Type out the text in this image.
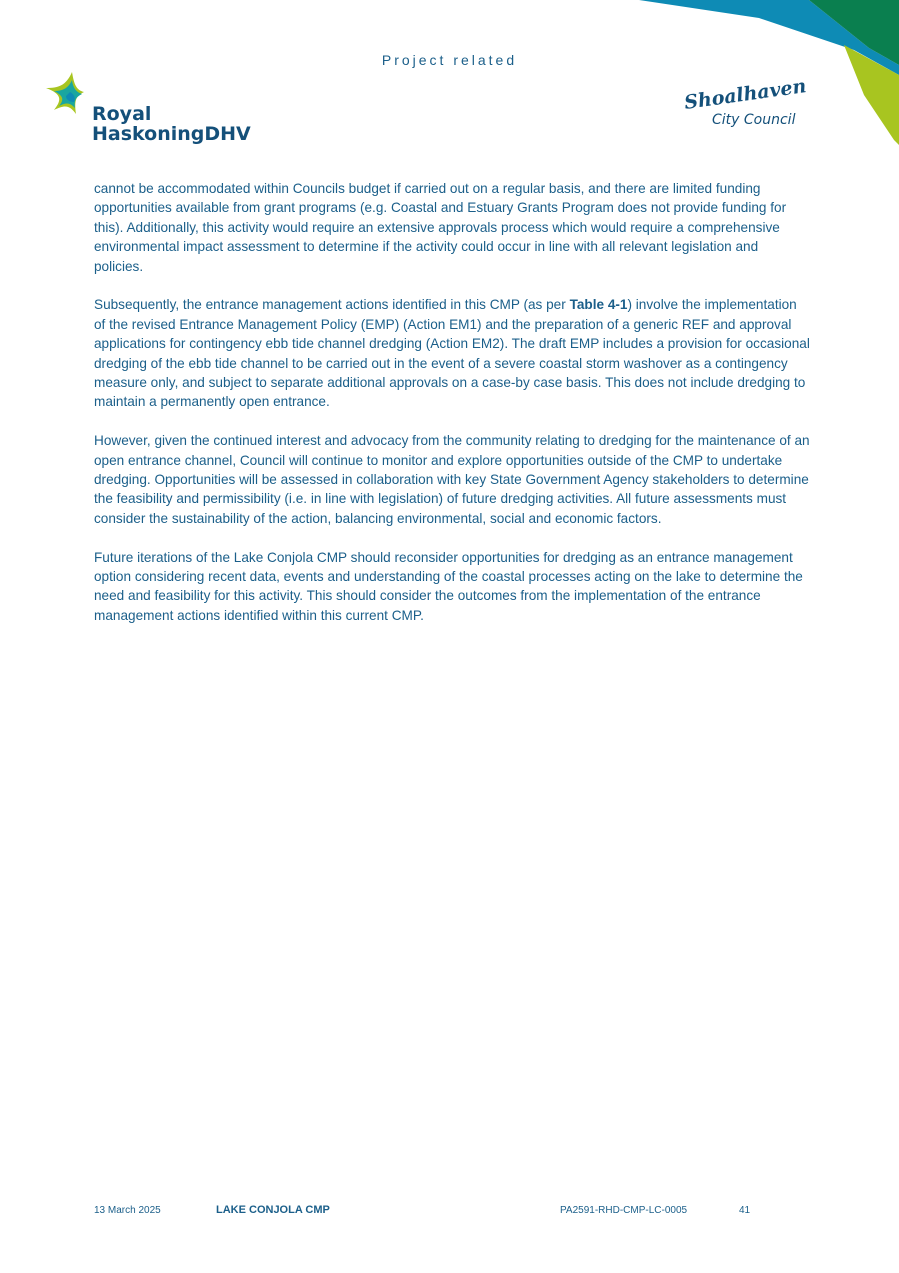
Project related
Royal
HaskoningDHV
Shoalhaven
City Council

cannot be accommodated within Councils budget if carried out on a regular basis, and there are limited funding opportunities available from grant programs (e.g. Coastal and Estuary Grants Program does not provide funding for this). Additionally, this activity would require an extensive approvals process which would require a comprehensive environmental impact assessment to determine if the activity could occur in line with all relevant legislation and policies.

Subsequently, the entrance management actions identified in this CMP (as per Table 4-1) involve the implementation of the revised Entrance Management Policy (EMP) (Action EM1) and the preparation of a generic REF and approval applications for contingency ebb tide channel dredging (Action EM2). The draft EMP includes a provision for occasional dredging of the ebb tide channel to be carried out in the event of a severe coastal storm washover as a contingency measure only, and subject to separate additional approvals on a case-by case basis. This does not include dredging to maintain a permanently open entrance.

However, given the continued interest and advocacy from the community relating to dredging for the maintenance of an open entrance channel, Council will continue to monitor and explore opportunities outside of the CMP to undertake dredging. Opportunities will be assessed in collaboration with key State Government Agency stakeholders to determine the feasibility and permissibility (i.e. in line with legislation) of future dredging activities. All future assessments must consider the sustainability of the action, balancing environmental, social and economic factors.

Future iterations of the Lake Conjola CMP should reconsider opportunities for dredging as an entrance management option considering recent data, events and understanding of the coastal processes acting on the lake to determine the need and feasibility for this activity. This should consider the outcomes from the implementation of the entrance management actions identified within this current CMP.

13 March 2025	LAKE CONJOLA CMP	PA2591-RHD-CMP-LC-0005	41
